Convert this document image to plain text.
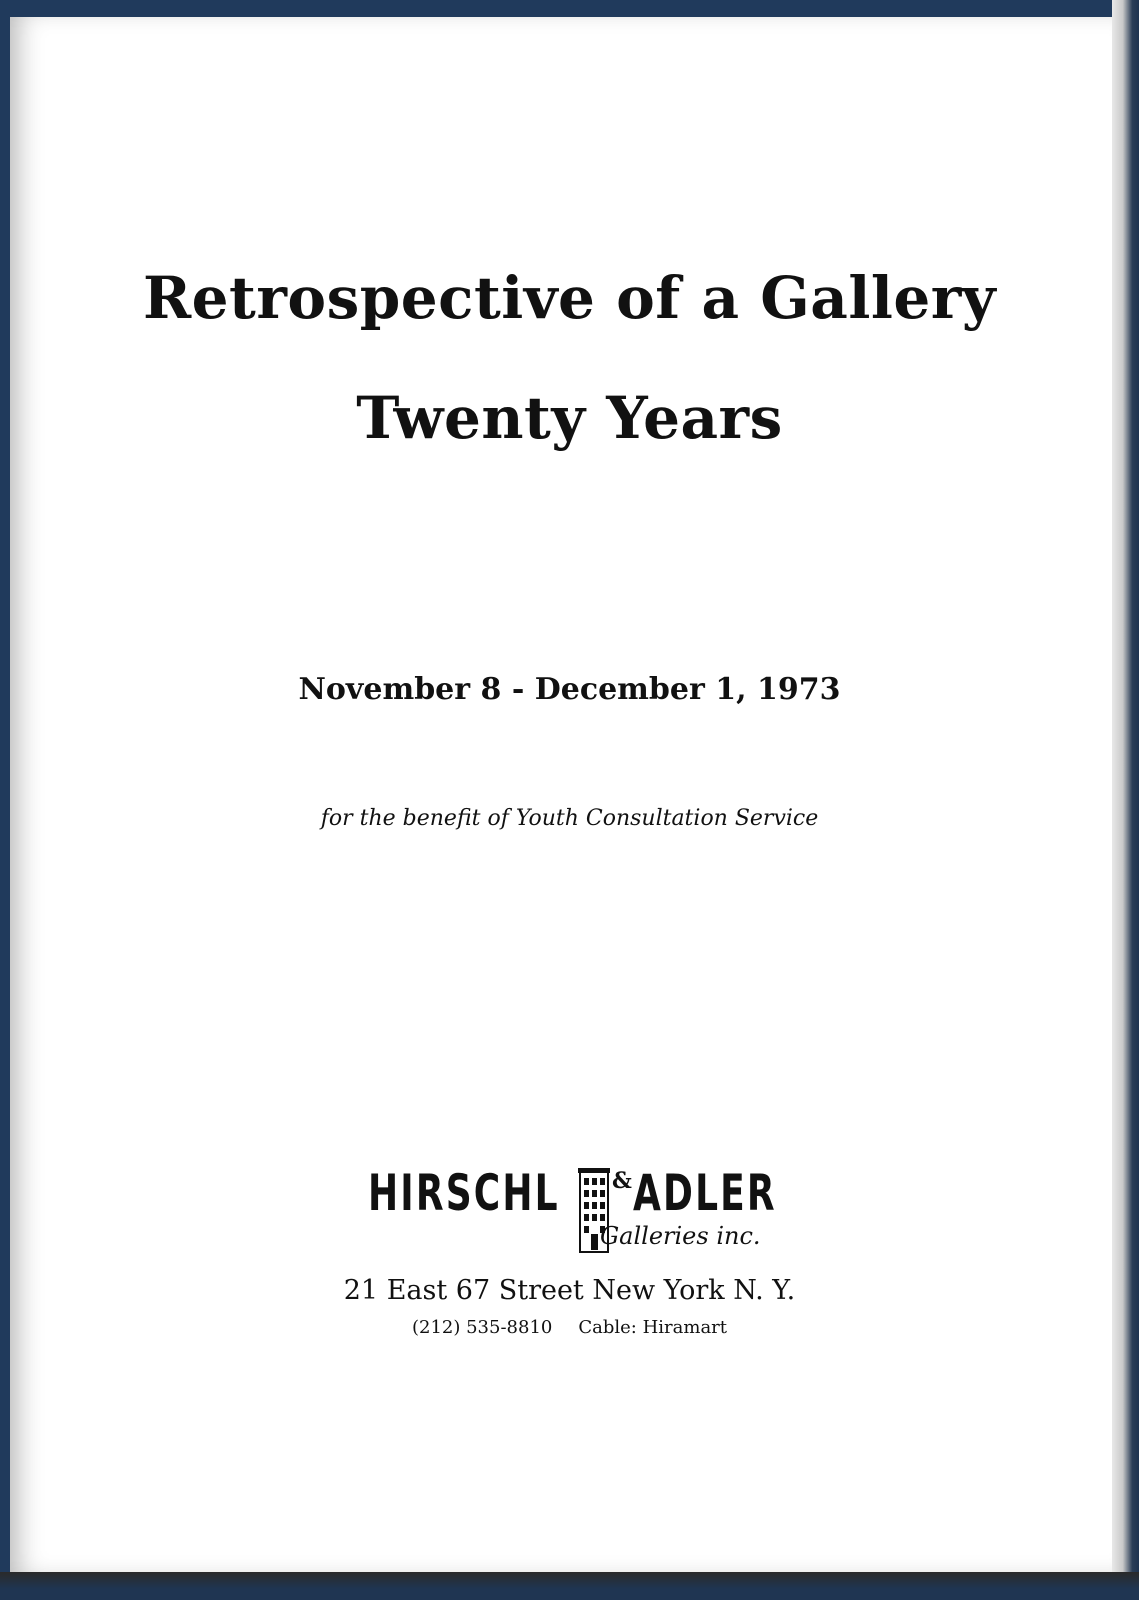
Retrospective of a Gallery
Twenty Years
November 8 - December 1, 1973
for the benefit of Youth Consultation Service
HIRSCHL & ADLER
Galleries inc.
21 East 67 Street New York N. Y.
(212) 535-8810 Cable: Hiramart
